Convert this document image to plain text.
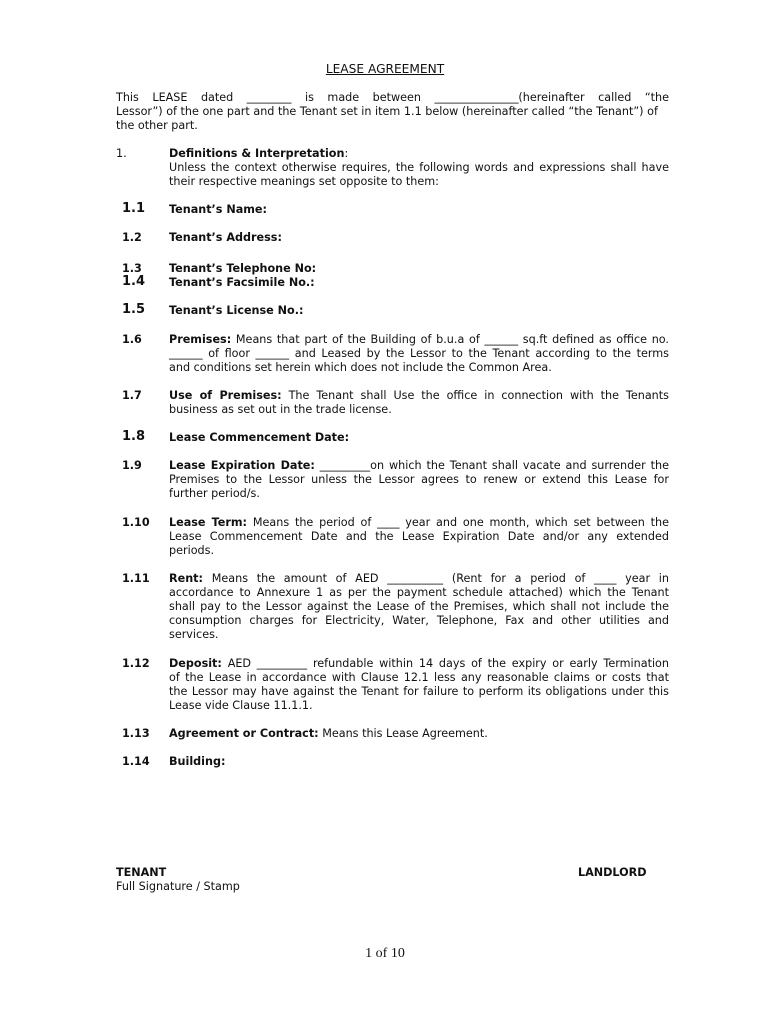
LEASE AGREEMENT
This LEASE dated ________ is made between _______________(hereinafter called “the
Lessor”) of the one part and the Tenant set in item 1.1 below (hereinafter called “the Tenant”) of
the other part.
1.	Definitions & Interpretation:
Unless the context otherwise requires, the following words and expressions shall have
their respective meanings set opposite to them:
1.1 Tenant’s Name:
1.2 Tenant’s Address:
1.3 Tenant’s Telephone No:
1.4 Tenant’s Facsimile No.:
1.5 Tenant’s License No.:
1.6 Premises: Means that part of the Building of b.u.a of ______ sq.ft defined as office no.
______ of floor ______ and Leased by the Lessor to the Tenant according to the terms
and conditions set herein which does not include the Common Area.
1.7 Use of Premises: The Tenant shall Use the office in connection with the Tenants
business as set out in the trade license.
1.8 Lease Commencement Date:
1.9 Lease Expiration Date: _________on which the Tenant shall vacate and surrender the
Premises to the Lessor unless the Lessor agrees to renew or extend this Lease for
further period/s.
1.10 Lease Term: Means the period of ____ year and one month, which set between the
Lease Commencement Date and the Lease Expiration Date and/or any extended
periods.
1.11 Rent: Means the amount of AED __________ (Rent for a period of ____ year in
accordance to Annexure 1 as per the payment schedule attached) which the Tenant
shall pay to the Lessor against the Lease of the Premises, which shall not include the
consumption charges for Electricity, Water, Telephone, Fax and other utilities and
services.
1.12 Deposit: AED _________ refundable within 14 days of the expiry or early Termination
of the Lease in accordance with Clause 12.1 less any reasonable claims or costs that
the Lessor may have against the Tenant for failure to perform its obligations under this
Lease vide Clause 11.1.1.
1.13 Agreement or Contract: Means this Lease Agreement.
1.14 Building:
TENANT
Full Signature / Stamp
LANDLORD
1 of 10
